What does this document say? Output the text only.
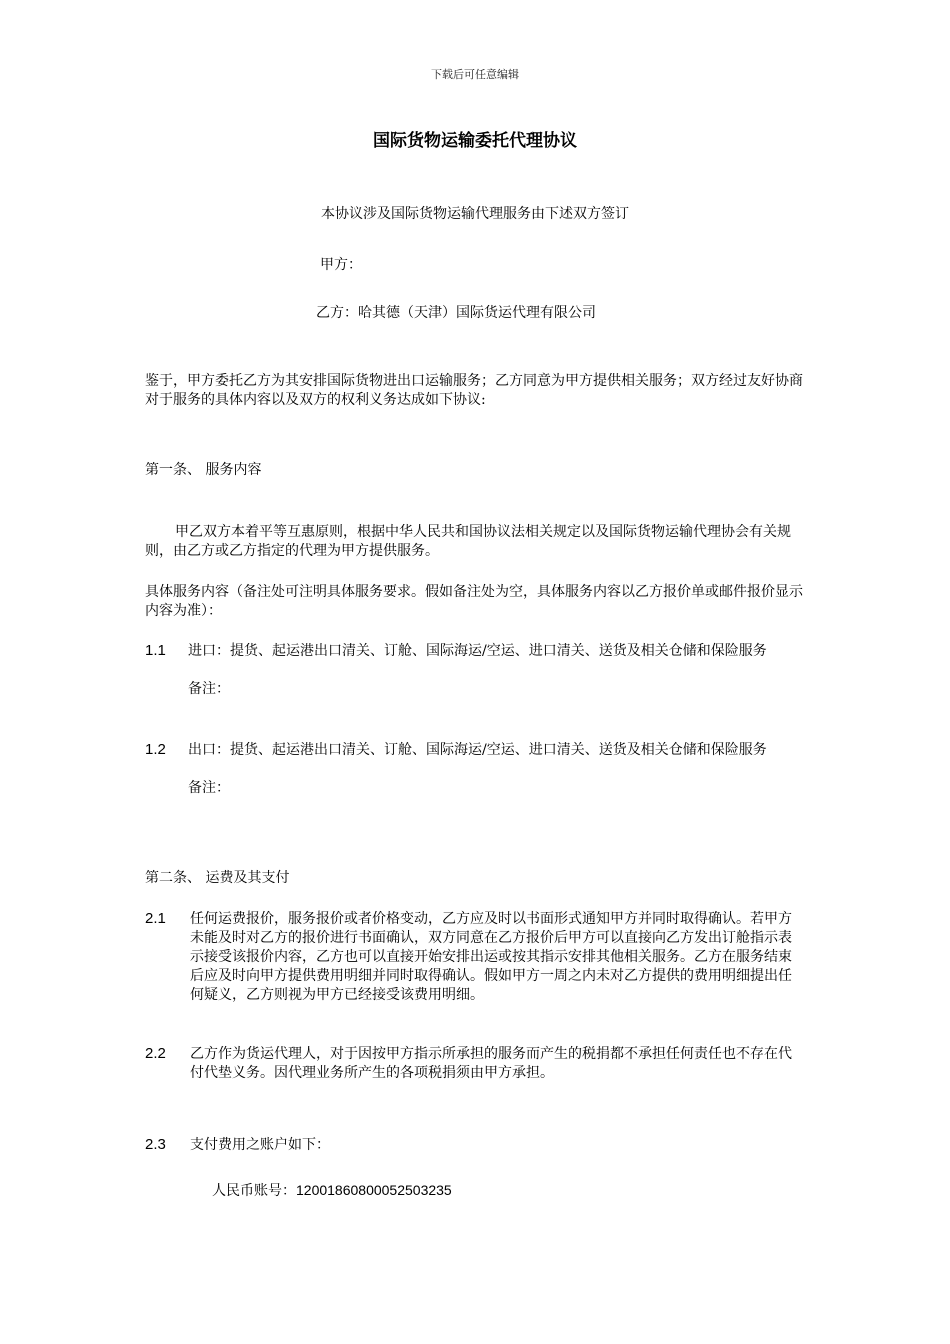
下载后可任意编辑
国际货物运输委托代理协议
本协议涉及国际货物运输代理服务由下述双方签订
甲方：
乙方：哈其德（天津）国际货运代理有限公司
鉴于，甲方委托乙方为其安排国际货物进出口运输服务；乙方同意为甲方提供相关服务；双方经过友好协商对于服务的具体内容以及双方的权利义务达成如下协议:
第一条、 服务内容
甲乙双方本着平等互惠原则，根据中华人民共和国协议法相关规定以及国际货物运输代理协会有关规则，由乙方或乙方指定的代理为甲方提供服务。
具体服务内容（备注处可注明具体服务要求。假如备注处为空，具体服务内容以乙方报价单或邮件报价显示内容为准）：
1.1 进口：提货、起运港出口清关、订舱、国际海运/空运、进口清关、送货及相关仓储和保险服务
备注：
1.2 出口：提货、起运港出口清关、订舱、国际海运/空运、进口清关、送货及相关仓储和保险服务
备注：
第二条、 运费及其支付
2.1 任何运费报价，服务报价或者价格变动，乙方应及时以书面形式通知甲方并同时取得确认。若甲方未能及时对乙方的报价进行书面确认，双方同意在乙方报价后甲方可以直接向乙方发出订舱指示表示接受该报价内容，乙方也可以直接开始安排出运或按其指示安排其他相关服务。乙方在服务结束后应及时向甲方提供费用明细并同时取得确认。假如甲方一周之内未对乙方提供的费用明细提出任何疑义，乙方则视为甲方已经接受该费用明细。
2.2 乙方作为货运代理人，对于因按甲方指示所承担的服务而产生的税捐都不承担任何责任也不存在代付代垫义务。因代理业务所产生的各项税捐须由甲方承担。
2.3 支付费用之账户如下：
人民币账号：12001860800052503235
